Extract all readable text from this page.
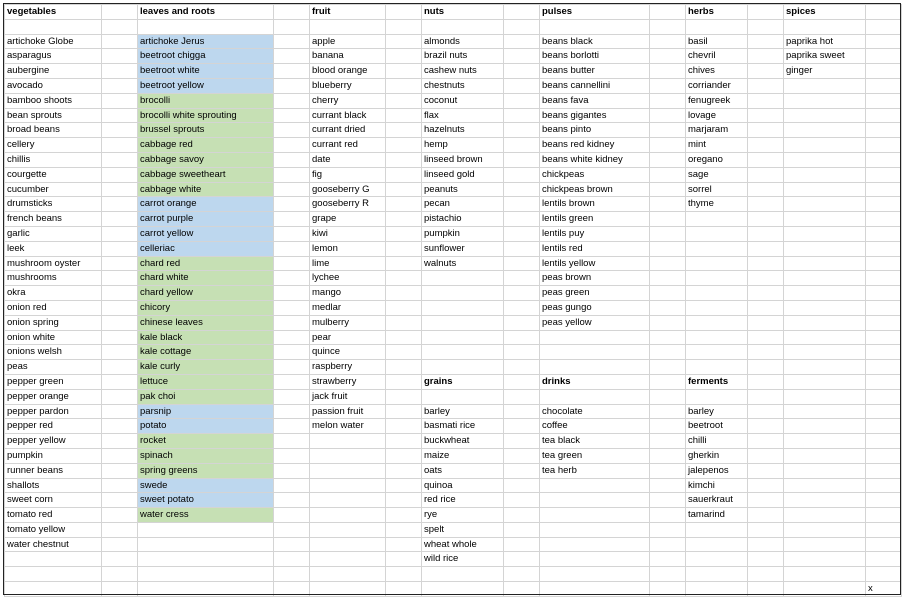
vegetables		leaves and roots		fruit		nuts		pulses		herbs		spices	

artichoke Globe		artichoke Jerus		apple		almonds		beans black		basil		paprika hot	
asparagus		beetroot chigga		banana		brazil nuts		beans borlotti		chevril		paprika sweet	
aubergine		beetroot white		blood orange		cashew nuts		beans butter		chives		ginger	
avocado		beetroot yellow		blueberry		chestnuts		beans cannellini		corriander			
bamboo shoots		brocolli		cherry		coconut		beans fava		fenugreek			
bean sprouts		brocolli white sprouting		currant black		flax		beans gigantes		lovage			
broad beans		brussel sprouts		currant dried		hazelnuts		beans pinto		marjaram			
cellery		cabbage red		currant red		hemp		beans red kidney		mint			
chillis		cabbage savoy		date		linseed brown		beans white kidney		oregano			
courgette		cabbage sweetheart		fig		linseed gold		chickpeas		sage			
cucumber		cabbage white		gooseberry G		peanuts		chickpeas brown		sorrel			
drumsticks		carrot orange		gooseberry R		pecan		lentils brown		thyme			
french beans		carrot purple		grape		pistachio		lentils green					
garlic		carrot yellow		kiwi		pumpkin		lentils puy					
leek		celleriac		lemon		sunflower		lentils red					
mushroom oyster		chard red		lime		walnuts		lentils yellow					
mushrooms		chard white		lychee				peas brown					
okra		chard yellow		mango				peas green					
onion red		chicory		medlar				peas gungo					
onion spring		chinese leaves		mulberry				peas yellow					
onion white		kale black		pear									
onions welsh		kale cottage		quince									
peas		kale curly		raspberry									
pepper green		lettuce		strawberry		grains		drinks		ferments			
pepper orange		pak choi		jack fruit									
pepper pardon		parsnip		passion fruit		barley		chocolate		barley			
pepper red		potato		melon water		basmati rice		coffee		beetroot			
pepper yellow		rocket				buckwheat		tea black		chilli			
pumpkin		spinach				maize		tea green		gherkin			
runner beans		spring greens				oats		tea herb		jalepenos			
shallots		swede				quinoa				kimchi			
sweet corn		sweet potato				red rice				sauerkraut			
tomato red		water cress				rye				tamarind			
tomato yellow						spelt							
water chestnut						wheat whole							
						wild rice							

													x
